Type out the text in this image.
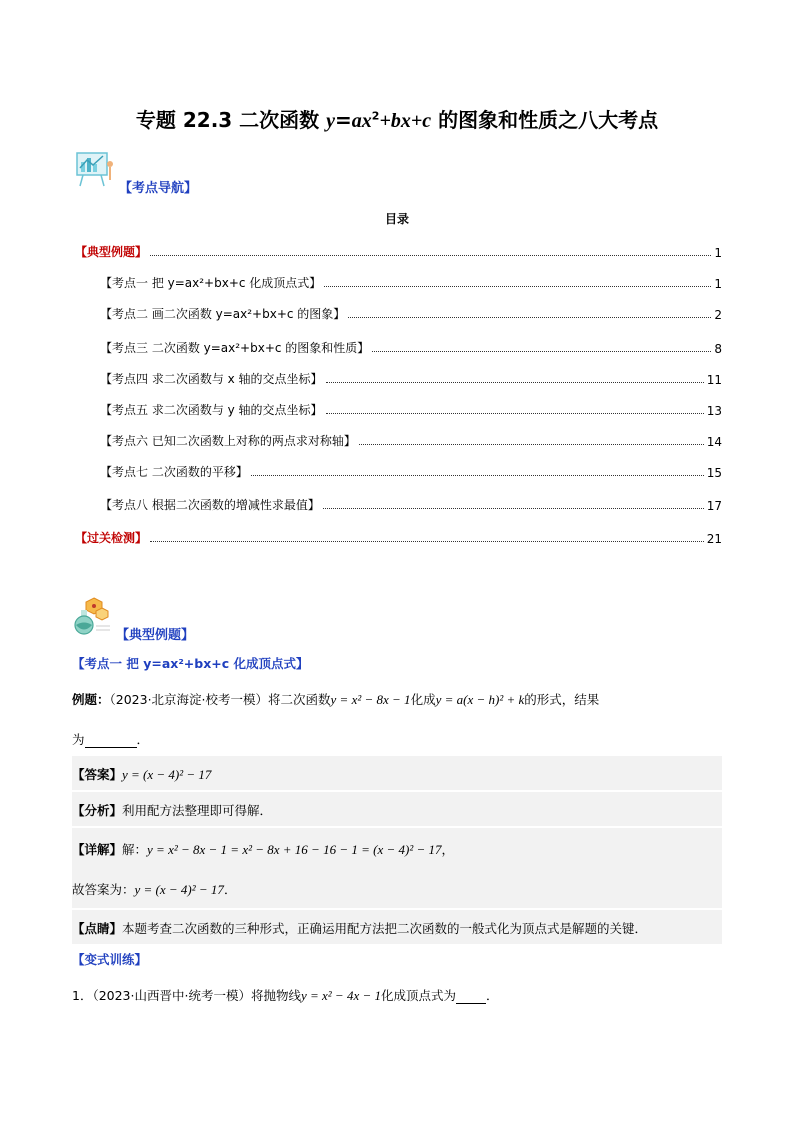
专题 22.3 二次函数 $y=ax^2+bx+c$ 的图象和性质之八大考点
【考点导航】
目录
【典型例题】	1
【考点一 把 y=ax²+bx+c 化成顶点式】	1
【考点二 画二次函数 y=ax²+bx+c 的图象】	2
【考点三 二次函数 y=ax²+bx+c 的图象和性质】	8
【考点四 求二次函数与 x 轴的交点坐标】	11
【考点五 求二次函数与 y 轴的交点坐标】	13
【考点六 已知二次函数上对称的两点求对称轴】	14
【考点七 二次函数的平移】	15
【考点八 根据二次函数的增减性求最值】	17
【过关检测】	21
【典型例题】
【考点一 把 y=ax²+bx+c 化成顶点式】
例题：（2023·北京海淀·校考一模）将二次函数y = x² − 8x − 1化成y = a(x − h)² + k的形式，结果
为	．
【答案】y = (x − 4)² − 17
【分析】利用配方法整理即可得解．
【详解】解：y = x² − 8x − 1 = x² − 8x + 16 − 16 − 1 = (x − 4)² − 17，
故答案为：y = (x − 4)² − 17．
【点睛】本题考查二次函数的三种形式，正确运用配方法把二次函数的一般式化为顶点式是解题的关键．
【变式训练】
1．（2023·山西晋中·统考一模）将抛物线y = x² − 4x − 1化成顶点式为 ．
